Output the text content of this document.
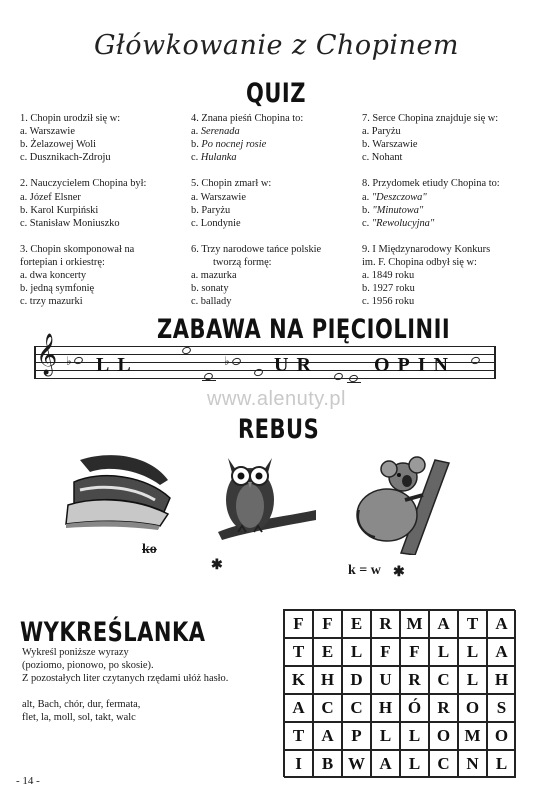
Główkowanie z Chopinem
QUIZ

1. Chopin urodził się w:
a. Warszawie
b. Żelazowej Woli
c. Dusznikach-Zdroju

2. Nauczycielem Chopina był:
a. Józef Elsner
b. Karol Kurpiński
c. Stanisław Moniuszko

3. Chopin skomponował na
fortepian i orkiestrę:
a. dwa koncerty
b. jedną symfonię
c. trzy mazurki

4. Znana pieśń Chopina to:
a. Serenada
b. Po nocnej rosie
c. Hulanka

5. Chopin zmarł w:
a. Warszawie
b. Paryżu
c. Londynie

6. Trzy narodowe tańce polskie
tworzą formę:
a. mazurka
b. sonaty
c. ballady

7. Serce Chopina znajduje się w:
a. Paryżu
b. Warszawie
c. Nohant

8. Przydomek etiudy Chopina to:
a. "Deszczowa"
b. "Minutowa"
c. "Rewolucyjna"

9. I Międzynarodowy Konkurs
im. F. Chopina odbył się w:
a. 1849 roku
b. 1927 roku
c. 1956 roku

ZABAWA NA PIĘCIOLINII
𝄞 ♭ LL	♭ UR	OPIN
www.alenuty.pl
REBUS
ko
✱	k = w ✱
WYKREŚLANKA
Wykreśl poniższe wyrazy
(poziomo, pionowo, po skosie).
Z pozostałych liter czytanych rzędami ułóż hasło.
alt, Bach, chór, dur, fermata,
flet, la, moll, sol, takt, walc
F	F	E	R M A	T	A
T	E	L	F	F	L	L	A
K H D U R C	L H
A C C H Ó R O	S
T	A	P	L	L O M O
I	B W A	L	C N	L
- 14 -
